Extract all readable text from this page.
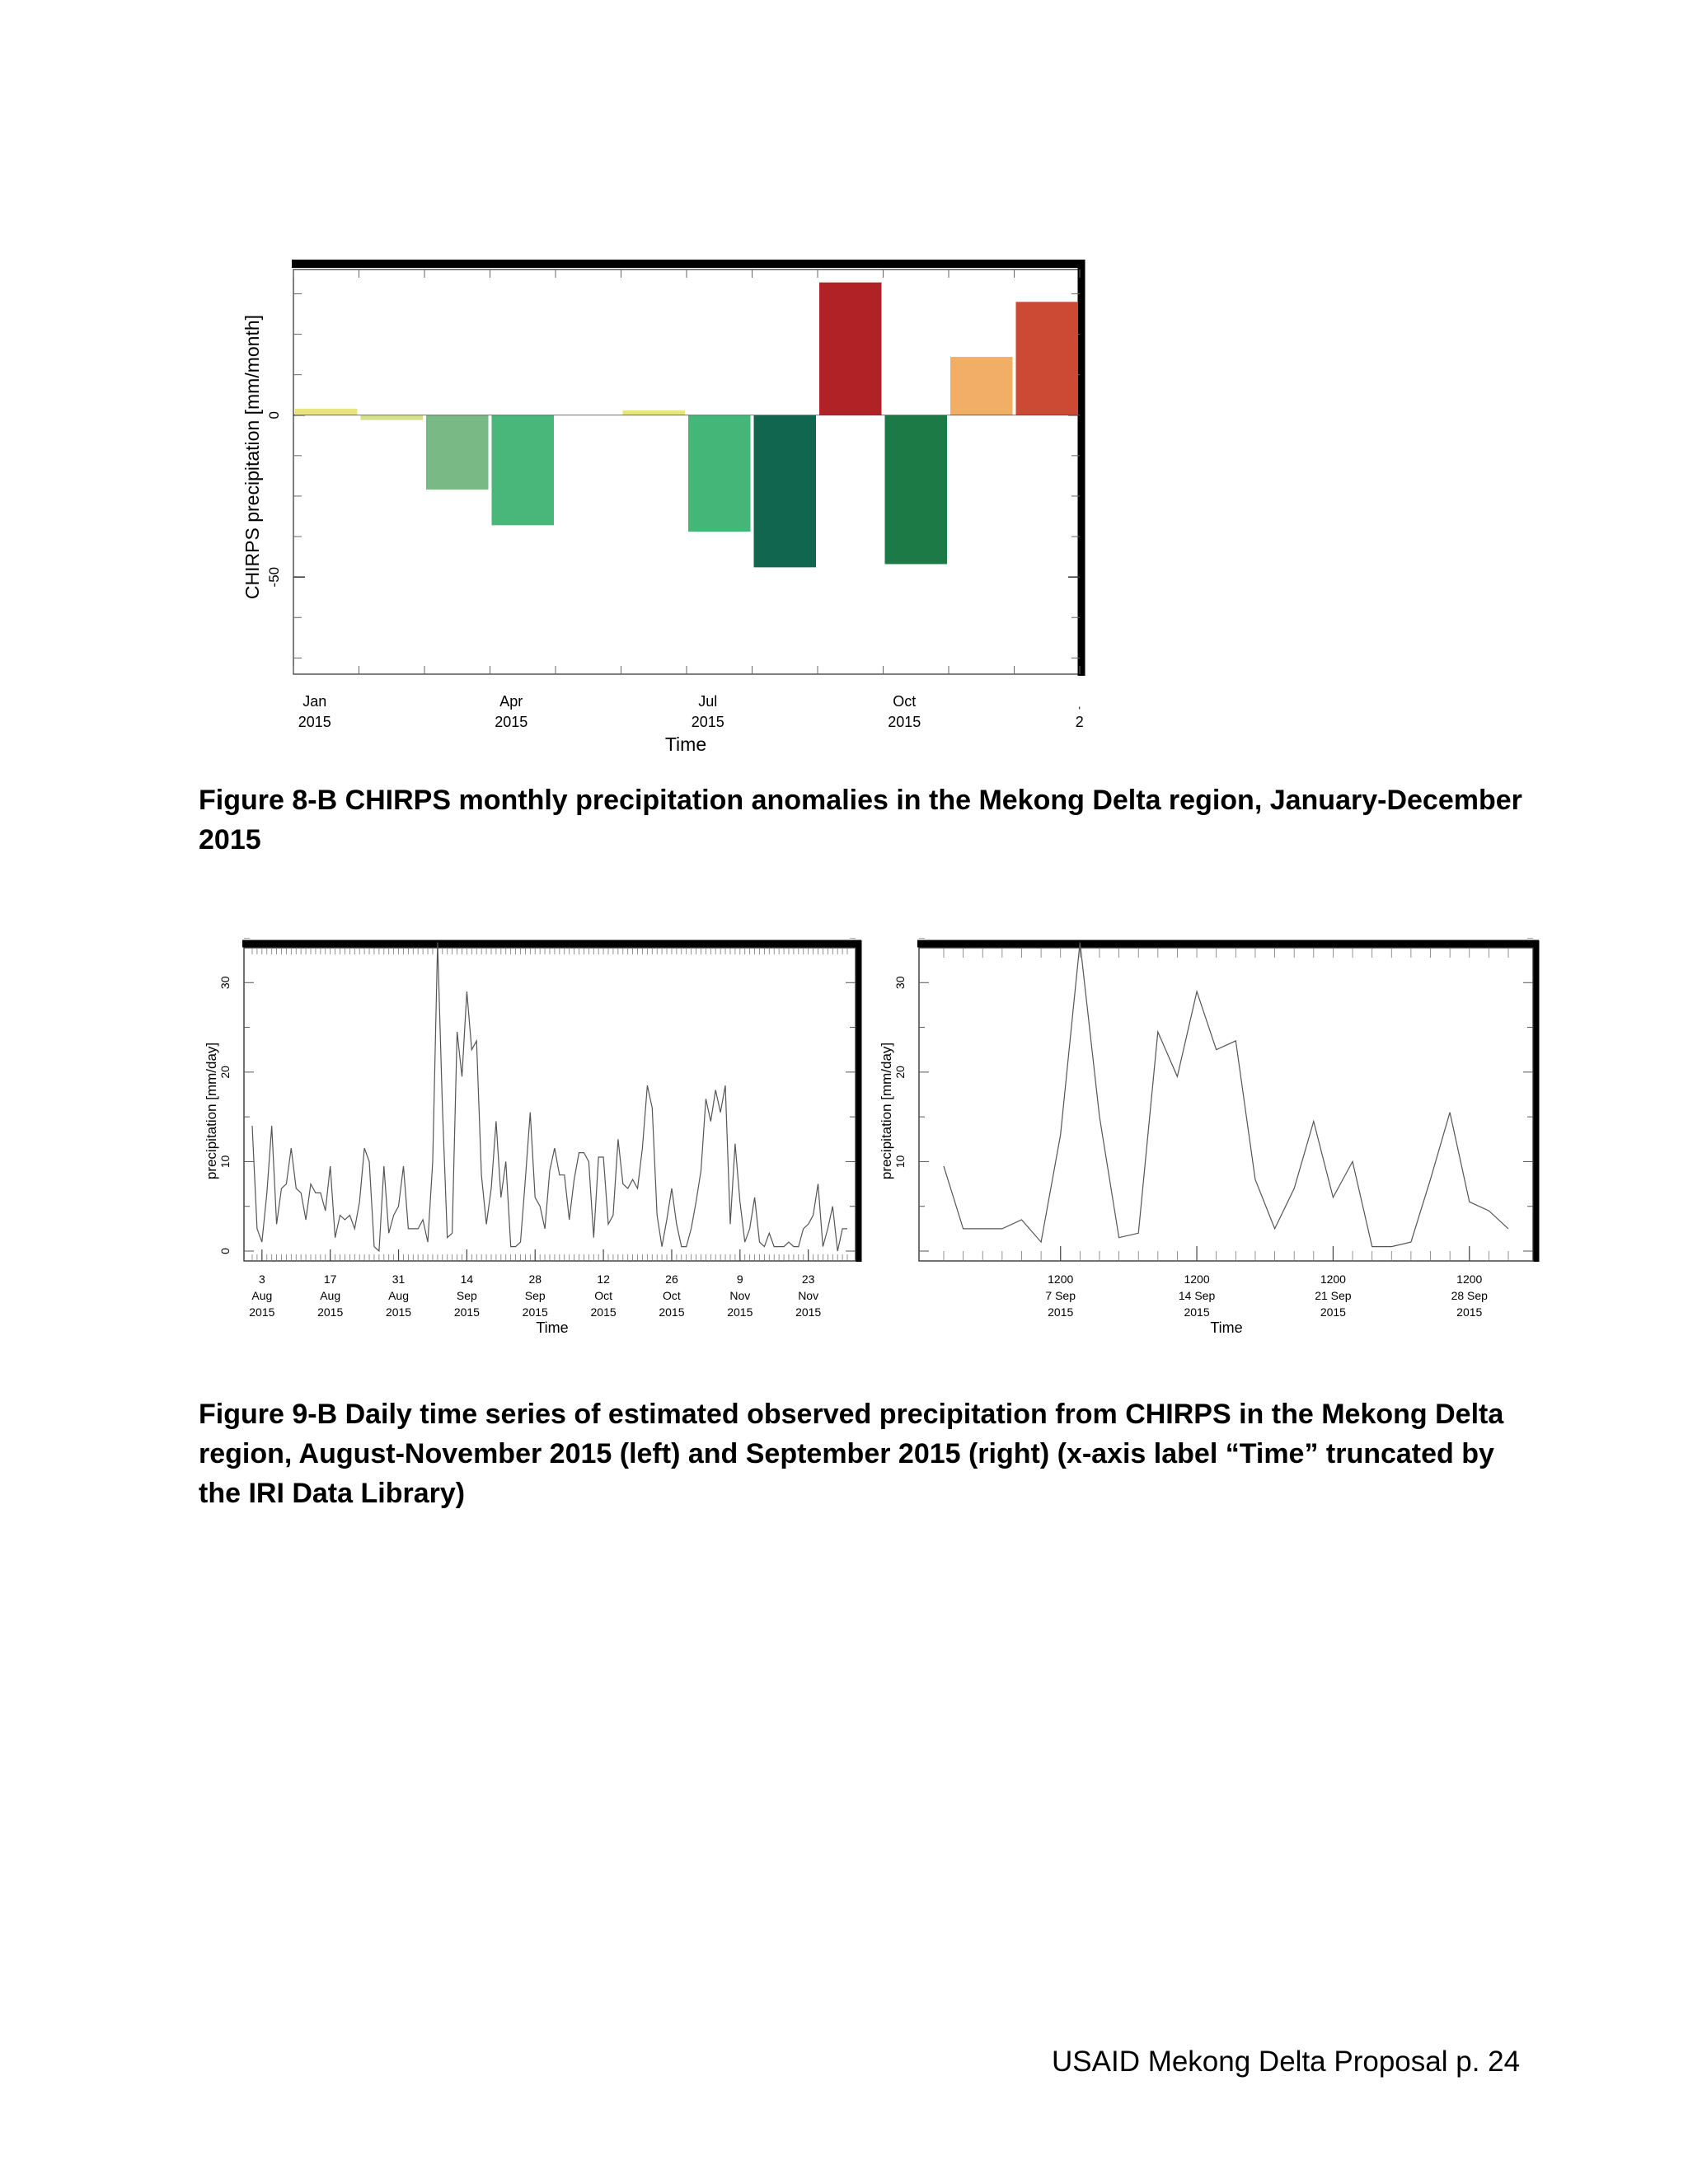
-50
0
CHIRPS precipitation [mm/month]
Jan
2015
Apr
2015
Jul
2015
Oct
2015
ˌ
2
Time
Figure 8-B CHIRPS monthly precipitation anomalies in the Mekong Delta region, January-December 2015
0
10
20
30
precipitation [mm/day]
3
Aug
2015
17
Aug
2015
31
Aug
2015
14
Sep
2015
28
Sep
2015
12
Oct
2015
26
Oct
2015
9
Nov
2015
23
Nov
2015
Time
10
20
30
precipitation [mm/day]
1200
7 Sep
2015
1200
14 Sep
2015
1200
21 Sep
2015
1200
28 Sep
2015
Time
Figure 9-B Daily time series of estimated observed precipitation from CHIRPS in the Mekong Delta region, August-November 2015 (left) and September 2015 (right) (x-axis label “Time” truncated by the IRI Data Library)
USAID Mekong Delta Proposal p. 24
